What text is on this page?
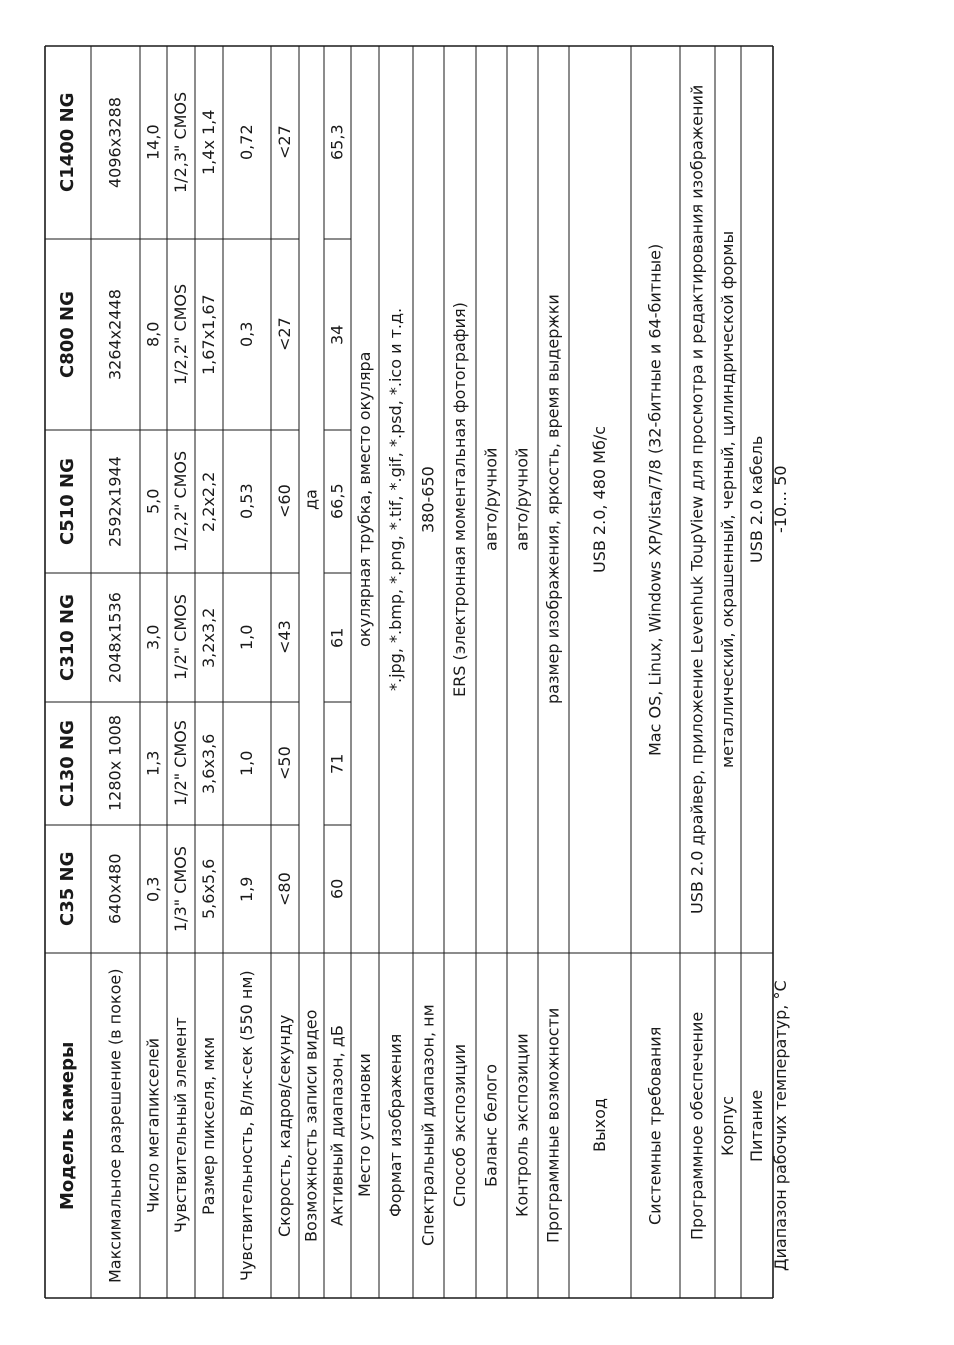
Модель камеры
C1400 NG
C800 NG
C510 NG
C310 NG
C130 NG
C35 NG
Максимальное разрешение (в покое)
4096x3288
3264x2448
2592x1944
2048x1536
1280x 1008
640x480
Число мегапикселей
14,0
8,0
5,0
3,0
1,3
0,3
Чувствительный элемент
1/2,3" CMOS
1/2,2" CMOS
1/2,2" CMOS
1/2" CMOS
1/2" CMOS
1/3" CMOS
Размер пикселя, мкм
1,4x 1,4
1,67x1,67
2,2x2,2
3,2x3,2
3,6x3,6
5,6x5,6
Чувствительность, В/лк-сек (550 нм)
0,72
0,3
0,53
1,0
1,0
1,9
Скорость, кадров/секунду
<27
<27
<60
<43
<50
<80
Возможность записи видео
да
Активный диапазон, дБ
65,3
34
66,5
61
71
60
Место установки
окулярная трубка, вместо окуляра
Формат изображения
*.jpg, *.bmp, *.png, *.tif, *.gif, *.psd, *.ico и т.д.
Спектральный диапазон, нм
380-650
Способ экспозиции
ERS (электронная моментальная фотография)
Баланс белого
авто/ручной
Контроль экспозиции
авто/ручной
Программные возможности
размер изображения, яркость, время выдержки
Выход
USB 2.0, 480 Мб/с
Системные требования
Mac OS, Linux, Windows XP/Vista/7/8 (32-битные и 64-битные)
Программное обеспечение
USB 2.0 драйвер, приложение Levenhuk ToupView для просмотра и редактирования изображений
Корпус
металлический, окрашенный, черный, цилиндрической формы
Питание
USB 2.0 кабель
Диапазон рабочих температур, °C
-10… 50
